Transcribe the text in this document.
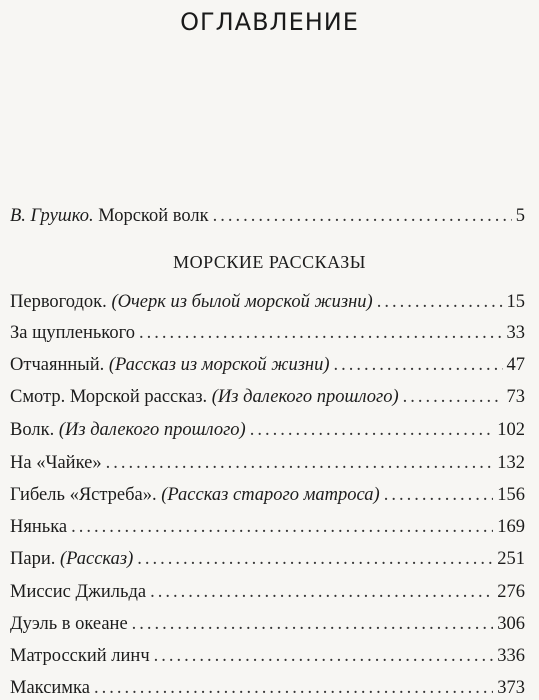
ОГЛАВЛЕНИЕ
В. Грушко. Морской волк .....	5
МОРСКИЕ РАССКАЗЫ
Первогодок. (Очерк из былой морской жизни) .....	15
За щупленького .....	33
Отчаянный. (Рассказ из морской жизни) .....	47
Смотр. Морской рассказ. (Из далекого прошлого) .....	73
Волк. (Из далекого прошлого) .....	102
На «Чайке» .....	132
Гибель «Ястреба». (Рассказ старого матроса) .....	156
Нянька .....	169
Пари. (Рассказ) .....	251
Миссис Джильда .....	276
Дуэль в океане .....	306
Матросский линч .....	336
Максимка .....	373
